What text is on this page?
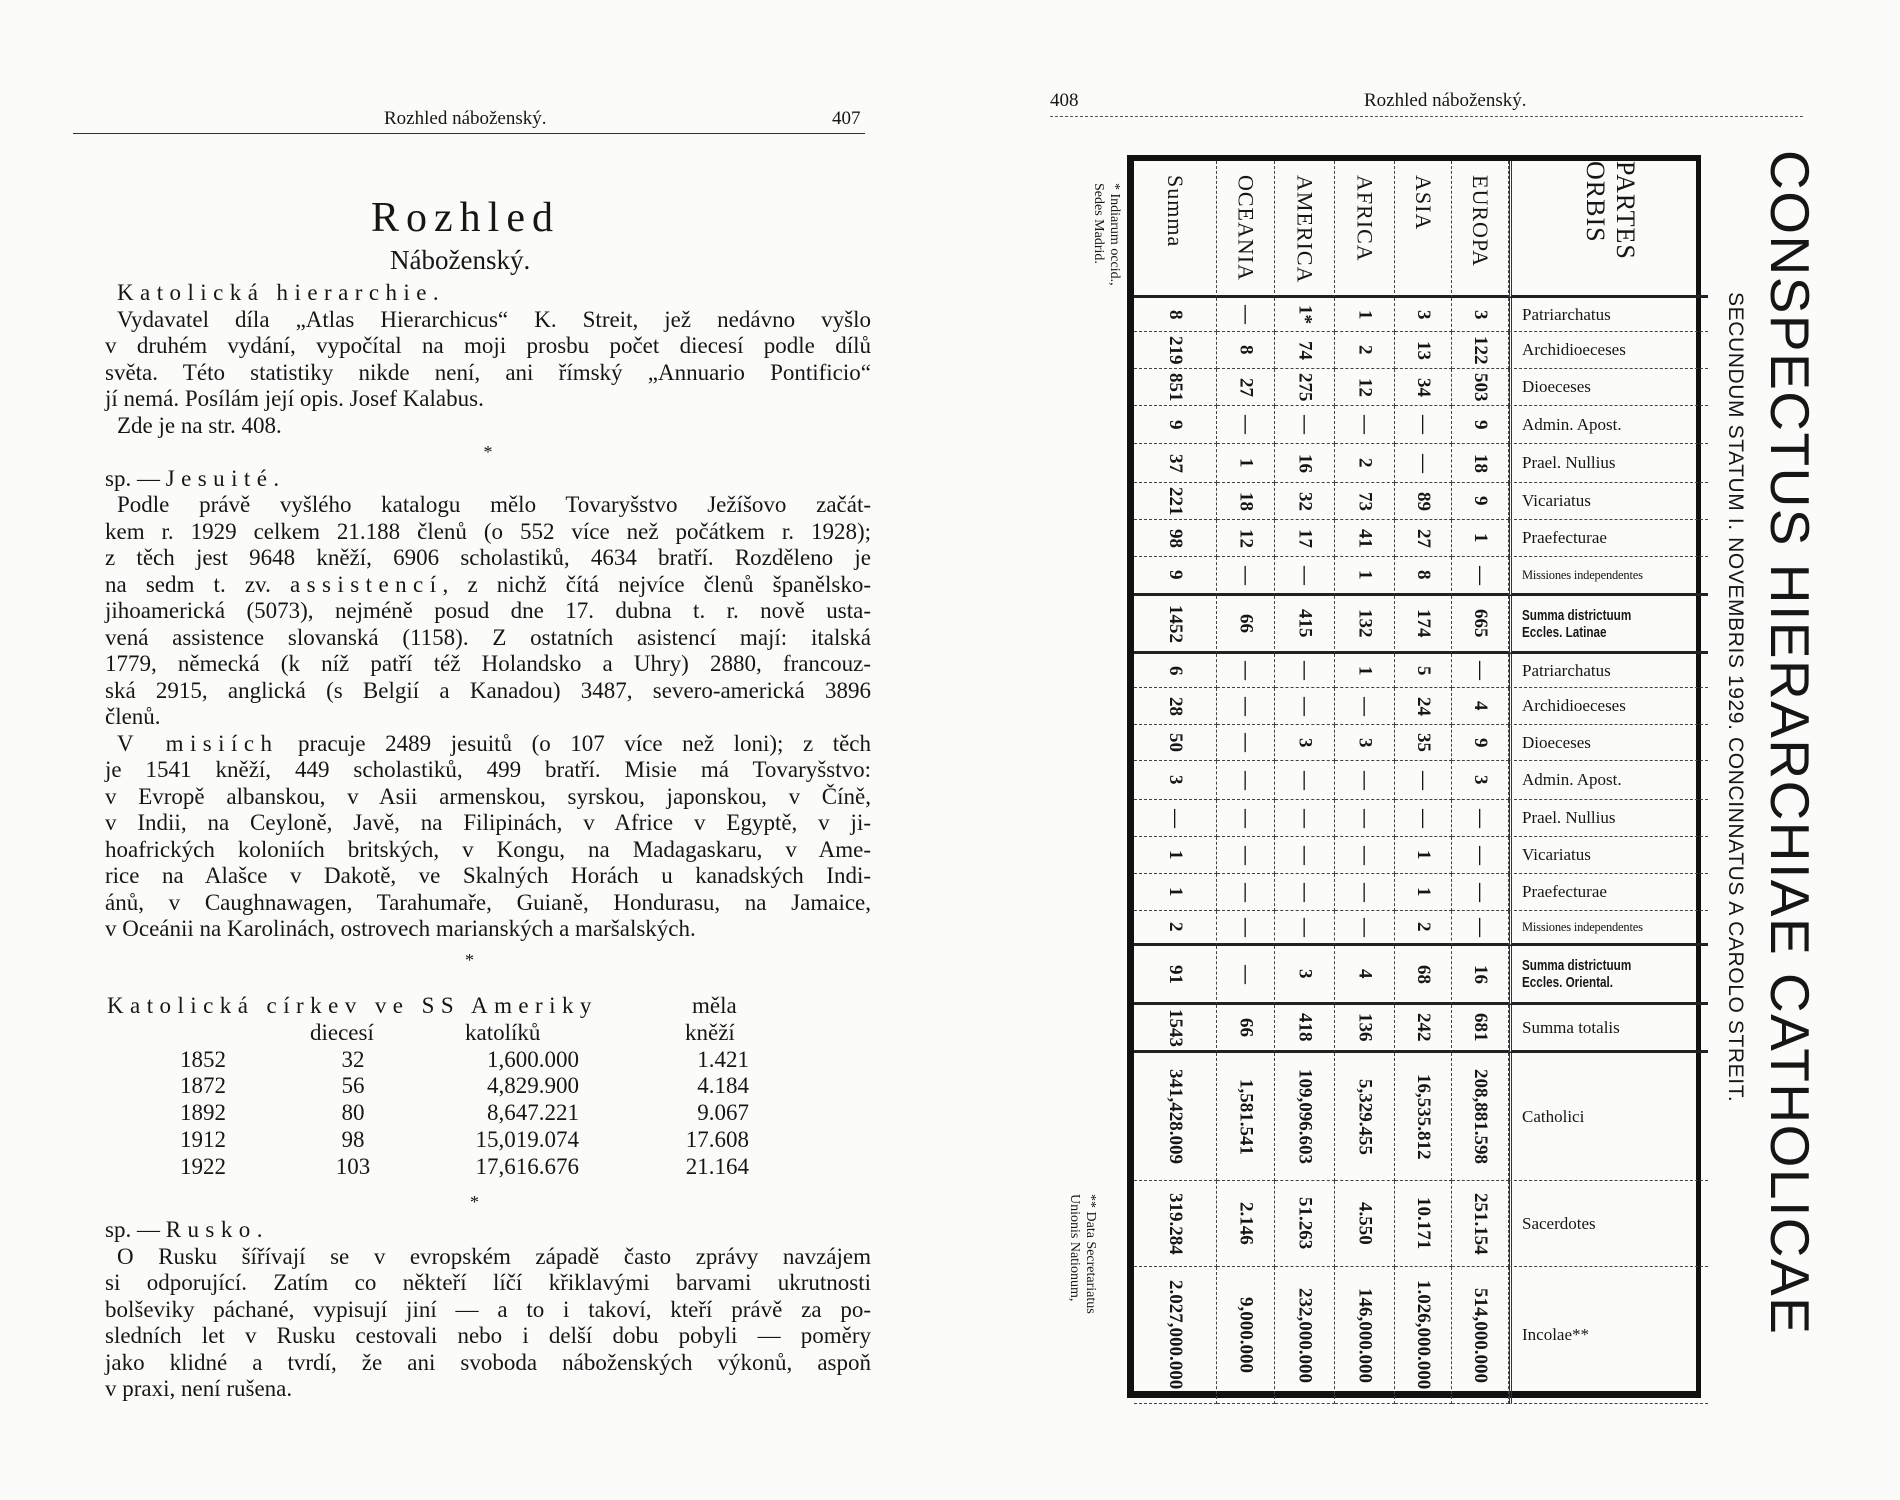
Rozhled náboženský.	407
Rozhled
Náboženský.
Katolická hierarchie.
Vydavatel díla „Atlas Hierarchicus“ K. Streit, jež nedávno vyšlo
v druhém vydání, vypočítal na moji prosbu počet diecesí podle dílů
světa. Této statistiky nikde není, ani římský „Annuario Pontificio“
jí nemá. Posílám její opis. Josef Kalabus.
Zde je na str. 408.
*
sp. — Jesuité.
Podle právě vyšlého katalogu mělo Tovaryšstvo Ježíšovo začát-
kem r. 1929 celkem 21.188 členů (o 552 více než počátkem r. 1928);
z těch jest 9648 kněží, 6906 scholastiků, 4634 bratří. Rozděleno je
na sedm t. zv. assistencí, z nichž čítá nejvíce členů španělsko-
jihoamerická (5073), nejméně posud dne 17. dubna t. r. nově usta-
vená assistence slovanská (1158). Z ostatních asistencí mají: italská
1779, německá (k níž patří též Holandsko a Uhry) 2880, francouz-
ská 2915, anglická (s Belgií a Kanadou) 3487, severo-americká 3896
členů.
V misiích pracuje 2489 jesuitů (o 107 více než loni); z těch
je 1541 kněží, 449 scholastiků, 499 bratří. Misie má Tovaryšstvo:
v Evropě albanskou, v Asii armenskou, syrskou, japonskou, v Číně,
v Indii, na Ceyloně, Javě, na Filipinách, v Africe v Egyptě, v ji-
hoafrických koloniích britských, v Kongu, na Madagaskaru, v Ame-
rice na Alašce v Dakotě, ve Skalných Horách u kanadských Indi-
ánů, v Caughnawagen, Tarahumaře, Guianě, Hondurasu, na Jamaice,
v Oceánii na Karolinách, ostrovech marianských a maršalských.
*
Katolická církev ve SS Ameriky	měla
diecesí	katolíků	kněží
1852	32	1,600.000	1.421
1872	56	4,829.900	4.184
1892	80	8,647.221	9.067
1912	98	15,019.074	17.608
1922	103	17,616.676	21.164
*
sp. — Rusko.
O Rusku šířívají se v evropském západě často zprávy navzájem
si odporující. Zatím co někteří líčí křiklavými barvami ukrutnosti
bolševiky páchané, vypisují jiní — a to i takoví, kteří právě za po-
sledních let v Rusku cestovali nebo i delší dobu pobyli — poměry
jako klidné a tvrdí, že ani svoboda náboženských výkonů, aspoň
v praxi, není rušena.
408	Rozhled náboženský.
CONSPECTUS HIERARCHIAE CATHOLICAE
SECUNDUM STATUM I. NOVEMBRIS 1929. CONCINNATUS A CAROLO STREIT.
* Indiarum occid.,
Sedes Madrid.
** Data Secretariatus
Unionis Nationum,
Summa	OCEANIA	AMERICA	AFRICA	ASIA	EUROPA	PARTES ORBIS
8	—	1*	1	3	3	Patriarchatus
219	8	74	2	13	122	Archidioeceses
851	27	275	12	34	503	Dioeceses
9	—	—	—	—	9	Admin. Apost.
37	1	16	2	—	18	Prael. Nullius
221	18	32	73	89	9	Vicariatus
98	12	17	41	27	1	Praefecturae
9	—	—	1	8	—	Missiones independentes
1452	66	415	132	174	665	Summa districtuum Eccles. Latinae
6	—	—	1	5	—	Patriarchatus
28	—	—	—	24	4	Archidioeceses
50	—	3	3	35	9	Dioeceses
3	—	—	—	—	3	Admin. Apost.
—	—	—	—	—	—	Prael. Nullius
1	—	—	—	1	—	Vicariatus
1	—	—	—	1	—	Praefecturae
2	—	—	—	2	—	Missiones independentes
91	—	3	4	68	16	Summa districtuum Eccles. Oriental.
1543	66	418	136	242	681	Summa totalis
341,428.009	1,581.541	109,096.603	5,329.455	16,535.812	208,881.598	Catholici
319.284	2.146	51.263	4.550	10.171	251.154	Sacerdotes
2.027,000.000	9,000.000	232,000.000	146,000.000	1.026,000.000	514,000.000	Incolae**
